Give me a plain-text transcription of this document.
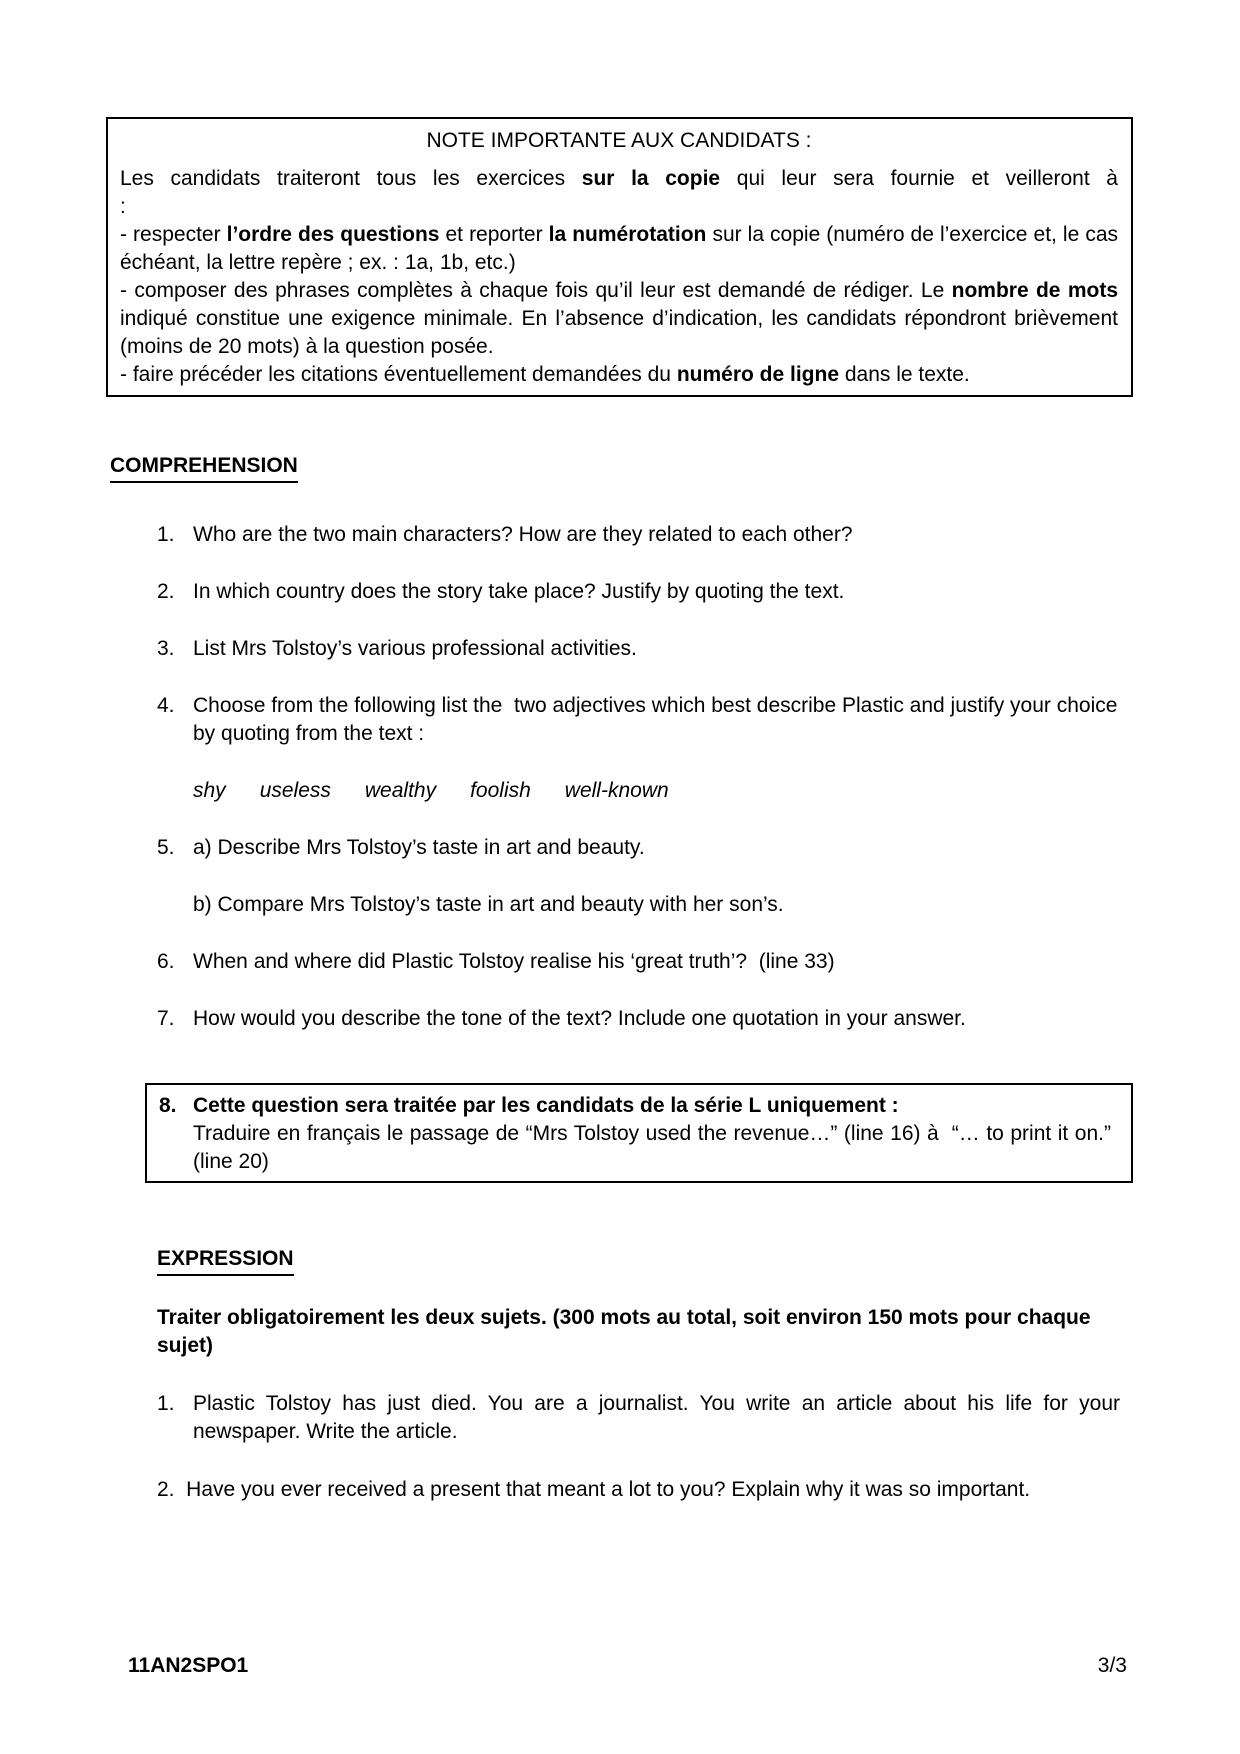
NOTE IMPORTANTE AUX CANDIDATS :

Les candidats traiteront tous les exercices sur la copie qui leur sera fournie et veilleront à

:

- respecter l’ordre des questions et reporter la numérotation sur la copie (numéro de l’exercice et, le cas échéant, la lettre repère ; ex. : 1a, 1b, etc.)

- composer des phrases complètes à chaque fois qu’il leur est demandé de rédiger. Le nombre de mots indiqué constitue une exigence minimale. En l’absence d’indication, les candidats répondront brièvement (moins de 20 mots) à la question posée.

- faire précéder les citations éventuellement demandées du numéro de ligne dans le texte.

COMPREHENSION
1. Who are the two main characters? How are they related to each other?
2. In which country does the story take place? Justify by quoting the text.
3. List Mrs Tolstoy’s various professional activities.
4. Choose from the following list the  two adjectives which best describe Plastic and justify your choice by quoting from the text :
shy useless wealthy foolish well-known
5. a) Describe Mrs Tolstoy’s taste in art and beauty.
b) Compare Mrs Tolstoy’s taste in art and beauty with her son’s.
6. When and where did Plastic Tolstoy realise his ‘great truth’?  (line 33)
7. How would you describe the tone of the text? Include one quotation in your answer.
8. Cette question sera traitée par les candidats de la série L uniquement :

Traduire en français le passage de “Mrs Tolstoy used the revenue…” (line 16) à  “… to print it on.” (line 20)

EXPRESSION
Traiter obligatoirement les deux sujets. (300 mots au total, soit environ 150 mots pour chaque sujet)
1. Plastic Tolstoy has just died. You are a journalist. You write an article about his life for your newspaper. Write the article.
2.  Have you ever received a present that meant a lot to you? Explain why it was so important.
11AN2SPO1	3/3
